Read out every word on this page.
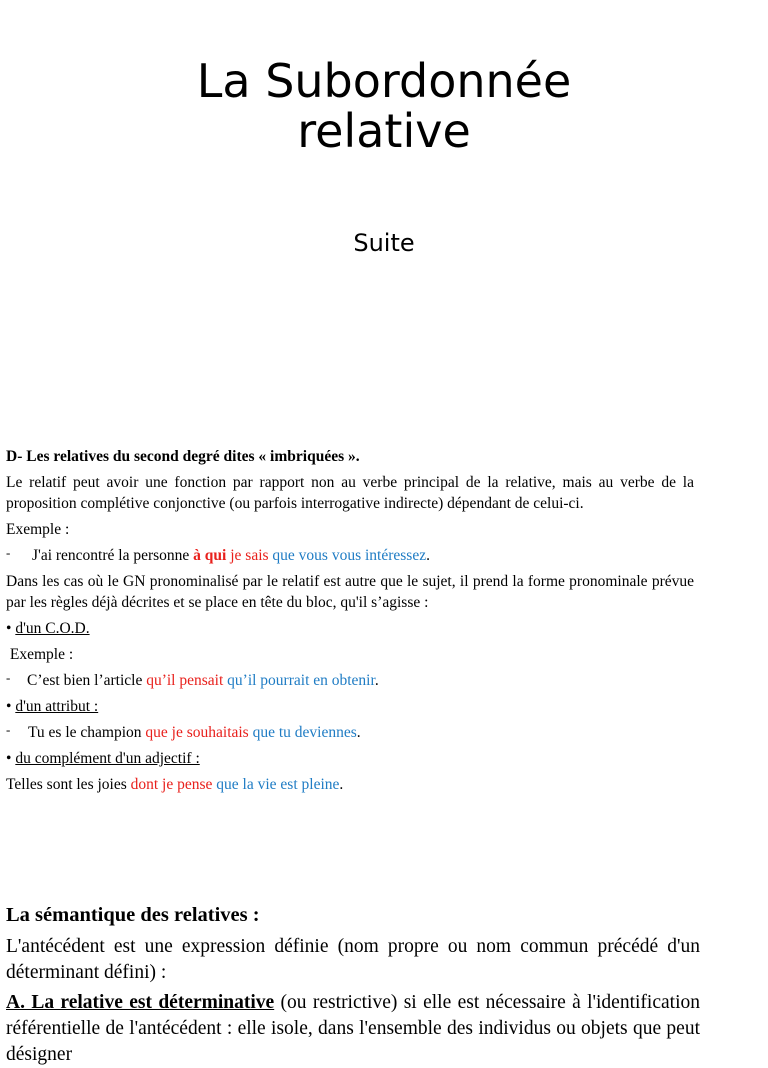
La Subordonnée
relative

Suite

D- Les relatives du second degré dites « imbriquées ».

Le relatif peut avoir une fonction par rapport non au verbe principal de la relative, mais au verbe de la proposition complétive conjonctive (ou parfois interrogative indirecte) dépendant de celui-ci.

Exemple :

- J'ai rencontré la personne à qui je sais que vous vous intéressez.

Dans les cas où le GN pronominalisé par le relatif est autre que le sujet, il prend la forme pronominale prévue par les règles déjà décrites et se place en tête du bloc, qu'il s’agisse :

• d'un C.O.D.

Exemple :

- C’est bien l’article qu’il pensait qu’il pourrait en obtenir.

• d'un attribut :

- Tu es le champion que je souhaitais que tu deviennes.

• du complément d'un adjectif :

Telles sont les joies dont je pense que la vie est pleine.

La sémantique des relatives :

L'antécédent est une expression définie (nom propre ou nom commun précédé d'un déterminant défini) :

A. La relative est déterminative (ou restrictive) si elle est nécessaire à l'identification référentielle de l'antécédent : elle isole, dans l'ensemble des individus ou objets que peut désigner
